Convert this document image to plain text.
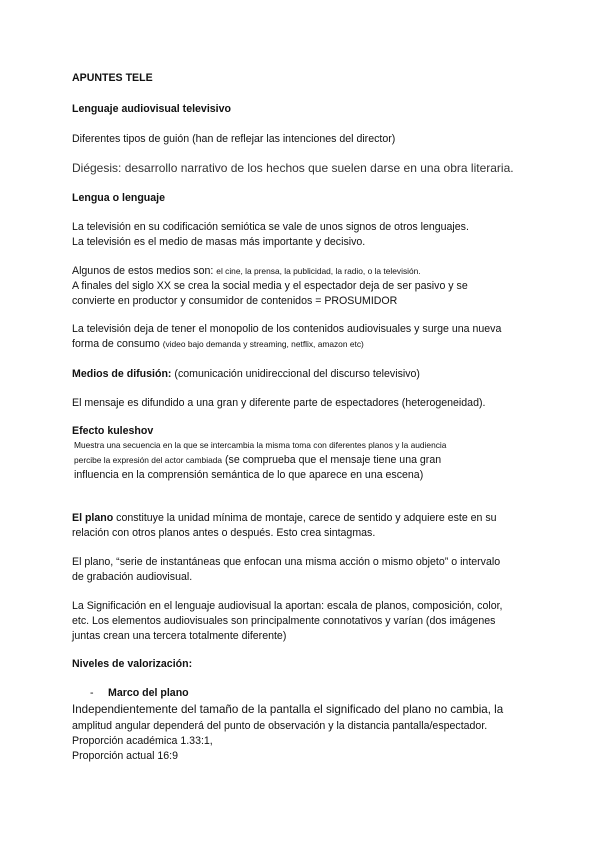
APUNTES TELE
Lenguaje audiovisual televisivo
Diferentes tipos de guión (han de reflejar las intenciones del director)
Diégesis: desarrollo narrativo de los hechos que suelen darse en una obra literaria.
Lengua o lenguaje
La televisión en su codificación semiótica se vale de unos signos de otros lenguajes.
La televisión es el medio de masas más importante y decisivo.
Algunos de estos medios son: el cine, la prensa, la publicidad, la radio, o la televisión.
A finales del siglo XX se crea la social media y el espectador deja de ser pasivo y se
convierte en productor y consumidor de contenidos = PROSUMIDOR
La televisión deja de tener el monopolio de los contenidos audiovisuales y surge una nueva
forma de consumo (video bajo demanda y streaming, netflix, amazon etc)
Medios de difusión: (comunicación unidireccional del discurso televisivo)
El mensaje es difundido a una gran y diferente parte de espectadores (heterogeneidad).
Efecto kuleshov
Muestra una secuencia en la que se intercambia la misma toma con diferentes planos y la audiencia
percibe la expresión del actor cambiada (se comprueba que el mensaje tiene una gran
influencia en la comprensión semántica de lo que aparece en una escena)
El plano constituye la unidad mínima de montaje, carece de sentido y adquiere este en su
relación con otros planos antes o después. Esto crea sintagmas.
El plano, “serie de instantáneas que enfocan una misma acción o mismo objeto” o intervalo
de grabación audiovisual.
La Significación en el lenguaje audiovisual la aportan: escala de planos, composición, color,
etc. Los elementos audiovisuales son principalmente connotativos y varían (dos imágenes
juntas crean una tercera totalmente diferente)
Niveles de valorización:
- Marco del plano
Independientemente del tamaño de la pantalla el significado del plano no cambia, la
amplitud angular dependerá del punto de observación y la distancia pantalla/espectador.
Proporción académica 1.33:1,
Proporción actual 16:9
